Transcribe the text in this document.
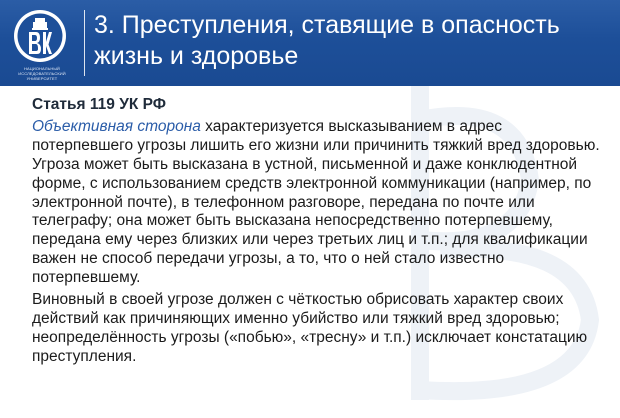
НАЦИОНАЛЬНЫЙ ИССЛЕДОВАТЕЛЬСКИЙ
УНИВЕРСИТЕТ
3. Преступления, ставящие в опасность жизнь и здоровье

Статья 119 УК РФ

Объективная сторона характеризуется высказыванием в адрес потерпевшего угрозы лишить его жизни или причинить тяжкий вред здоровью. Угроза может быть высказана в устной, письменной и даже конклюдентной форме, с использованием средств электронной коммуникации (например, по электронной почте), в телефонном разговоре, передана по почте или телеграфу; она может быть высказана непосредственно потерпевшему, передана ему через близких или через третьих лиц и т.п.; для квалификации важен не способ передачи угрозы, а то, что о ней стало известно потерпевшему.

Виновный в своей угрозе должен с чёткостью обрисовать характер своих действий как причиняющих именно убийство или тяжкий вред здоровью; неопределённость угрозы («побью», «тресну» и т.п.) исключает констатацию преступления.
